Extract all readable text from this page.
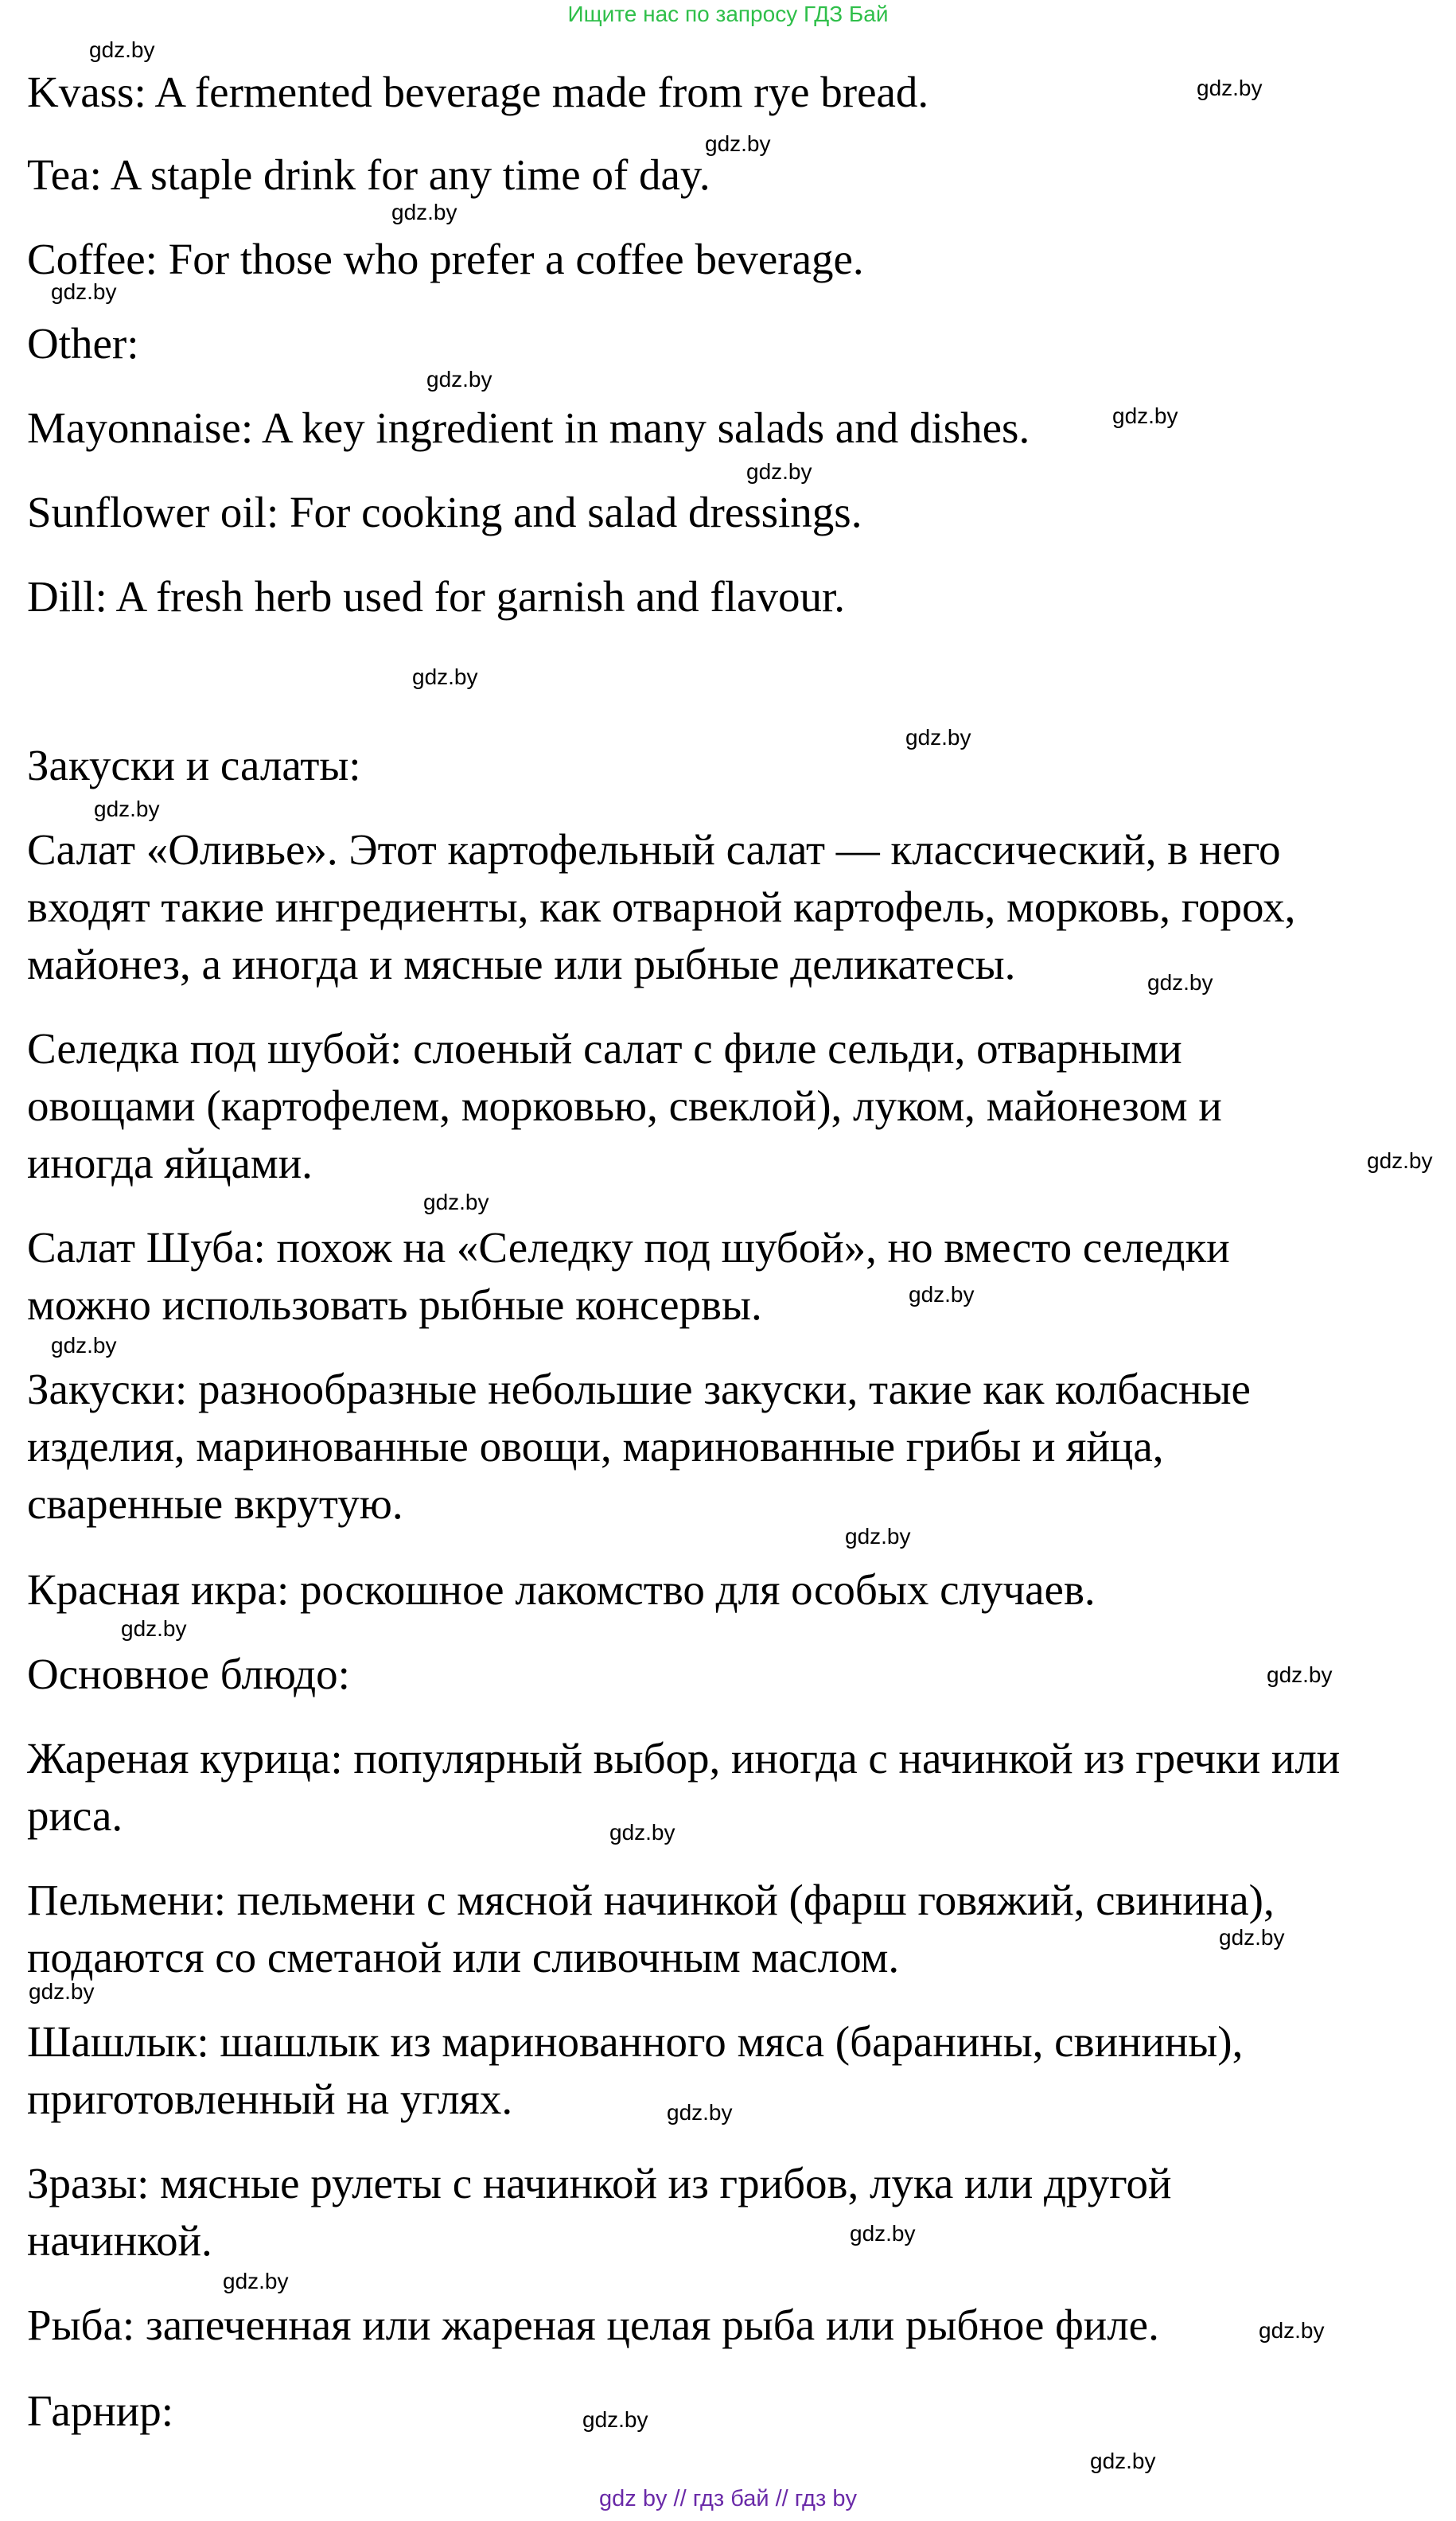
Ищите нас по запросу ГДЗ Бай
Kvass: A fermented beverage made from rye bread.
Tea: A staple drink for any time of day.
Coffee: For those who prefer a coffee beverage.
Other:
Mayonnaise: A key ingredient in many salads and dishes.
Sunflower oil: For cooking and salad dressings.
Dill: A fresh herb used for garnish and flavour.
Закуски и салаты:
Салат «Оливье». Этот картофельный салат — классический, в него
входят такие ингредиенты, как отварной картофель, морковь, горох,
майонез, а иногда и мясные или рыбные деликатесы.
Селедка под шубой: слоеный салат с филе сельди, отварными
овощами (картофелем, морковью, свеклой), луком, майонезом и
иногда яйцами.
Салат Шуба: похож на «Селедку под шубой», но вместо селедки
можно использовать рыбные консервы.
Закуски: разнообразные небольшие закуски, такие как колбасные
изделия, маринованные овощи, маринованные грибы и яйца,
сваренные вкрутую.
Красная икра: роскошное лакомство для особых случаев.
Основное блюдо:
Жареная курица: популярный выбор, иногда с начинкой из гречки или
риса.
Пельмени: пельмени с мясной начинкой (фарш говяжий, свинина),
подаются со сметаной или сливочным маслом.
Шашлык: шашлык из маринованного мяса (баранины, свинины),
приготовленный на углях.
Зразы: мясные рулеты с начинкой из грибов, лука или другой
начинкой.
Рыба: запеченная или жареная целая рыба или рыбное филе.
Гарнир:
gdz.by
gdz.by
gdz.by
gdz.by
gdz.by
gdz.by
gdz.by
gdz.by
gdz.by
gdz.by
gdz.by
gdz.by
gdz.by
gdz.by
gdz.by
gdz.by
gdz.by
gdz.by
gdz.by
gdz.by
gdz.by
gdz.by
gdz.by
gdz.by
gdz.by
gdz.by
gdz.by
gdz.by
gdz by // гдз бай // гдз by
